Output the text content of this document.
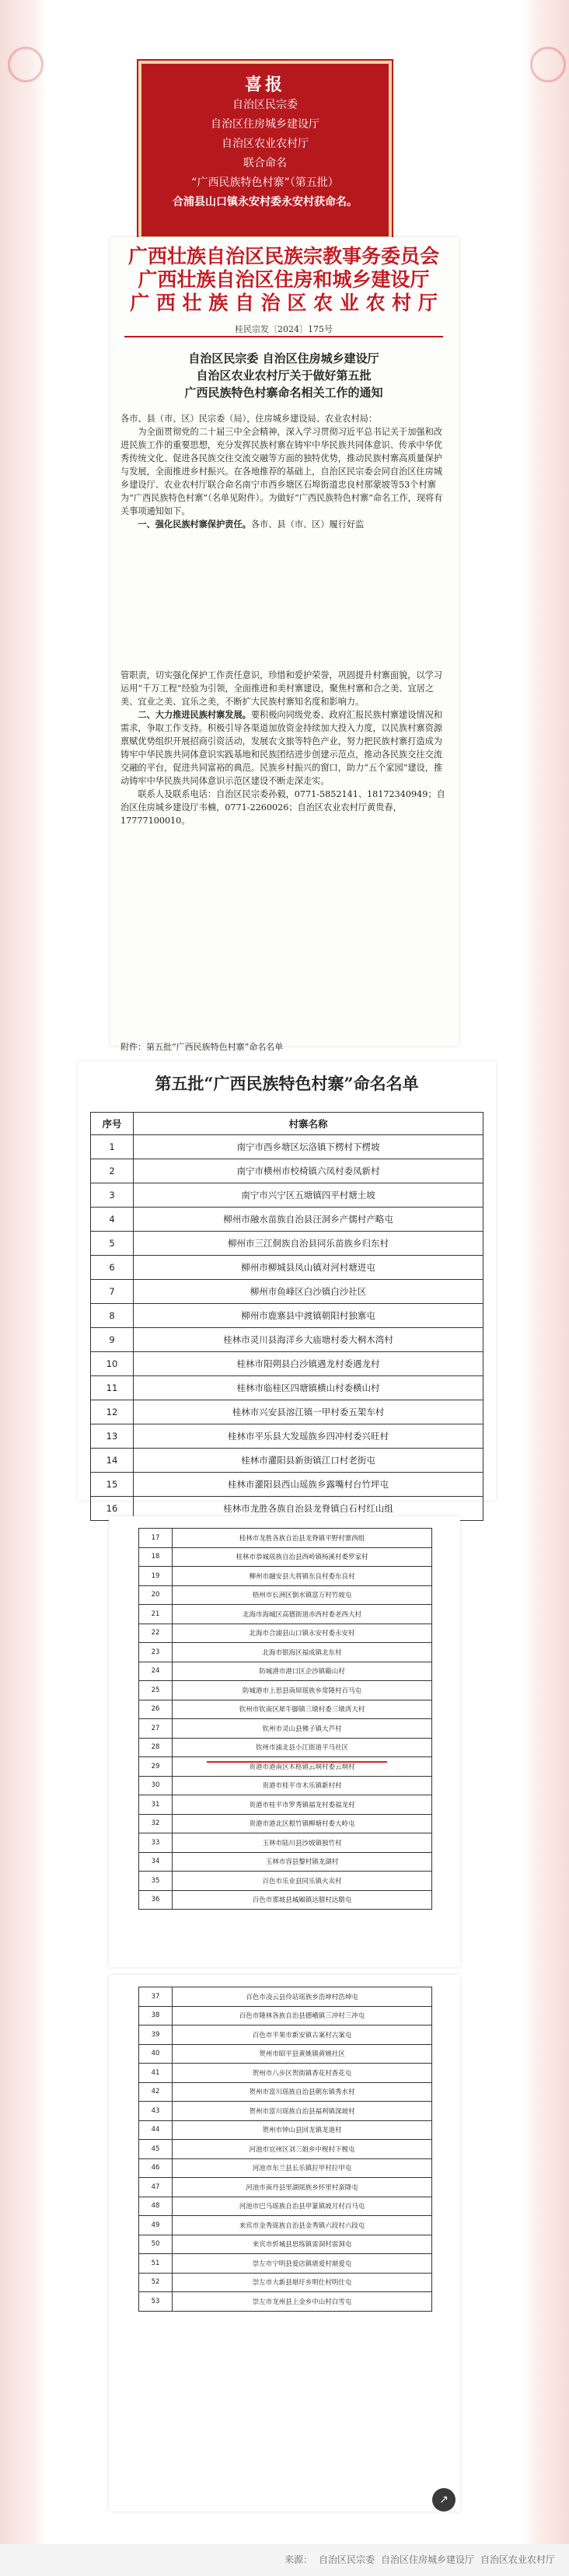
喜报
自治区民宗委
自治区住房城乡建设厅
自治区农业农村厅
联合命名
“广西民族特色村寨”（第五批）
合浦县山口镇永安村委永安村获命名。
广西壮族自治区民族宗教事务委员会
广西壮族自治区住房和城乡建设厅
广 西 壮 族 自 治 区 农 业 农 村 厅
桂民宗发〔2024〕175号
自治区民宗委 自治区住房城乡建设厅
自治区农业农村厅关于做好第五批
广西民族特色村寨命名相关工作的通知

各市、县（市、区）民宗委（局），住房城乡建设局、农业农村局：

为全面贯彻党的二十届三中全会精神，深入学习贯彻习近平总书记关于加强和改进民族工作的重要思想，充分发挥民族村寨在铸牢中华民族共同体意识、传承中华优秀传统文化、促进各民族交往交流交融等方面的独特优势，推动民族村寨高质量保护与发展，全面推进乡村振兴。在各地推荐的基础上，自治区民宗委会同自治区住房城乡建设厅、农业农村厅联合命名南宁市西乡塘区石埠街道忠良村那蒙坡等53个村寨为“广西民族特色村寨”（名单见附件）。为做好“广西民族特色村寨”命名工作，现将有关事项通知如下。

一、强化民族村寨保护责任。各市、县（市、区）履行好监

管职责，切实强化保护工作责任意识，珍惜和爱护荣誉，巩固提升村寨面貌，以学习运用“千万工程”经验为引领，全面推进和美村寨建设，聚焦村寨和合之美、宜居之美、宜业之美、宜乐之美，不断扩大民族村寨知名度和影响力。

二、大力推进民族村寨发展。要积极向同级党委、政府汇报民族村寨建设情况和需求，争取工作支持。积极引导各渠道加放资金持续加大投入力度，以民族村寨资源禀赋优势组织开展招商引资活动，发展农文旅等特色产业，努力把民族村寨打造成为铸牢中华民族共同体意识实践基地和民族团结进步创建示范点，推动各民族交往交流交融的平台，促进共同富裕的典范。民族乡村振兴的窗口，助力“五个家园”建设，推动铸牢中华民族共同体意识示范区建设不断走深走实。

联系人及联系电话：自治区民宗委孙毅，0771-5852141、18172340949；自治区住房城乡建设厅韦楠，0771-2260026；自治区农业农村厅黄贵春，17777100010。

附件：第五批“广西民族特色村寨”命名名单
第五批“广西民族特色村寨”命名名单
序号	村寨名称
1	南宁市西乡塘区坛洛镇下楞村下楞坡
2	南宁市横州市校椅镇六凤村委凤新村
3	南宁市兴宁区五塘镇四平村塘土坡
4	柳州市融水苗族自治县汪洞乡产儒村产略屯
5	柳州市三江侗族自治县同乐苗族乡归东村
6	柳州市柳城县凤山镇对河村塘进屯
7	柳州市鱼峰区白沙镇白沙社区
8	柳州市鹿寨县中渡镇朝阳村独寨屯
9	桂林市灵川县海洋乡大庙塘村委大桐木湾村
10	桂林市阳朔县白沙镇遇龙村委遇龙村
11	桂林市临桂区四塘镇横山村委横山村
12	桂林市兴安县溶江镇一甲村委五架车村
13	桂林市平乐县大发瑶族乡四冲村委兴旺村
14	桂林市灌阳县新街镇江口村老街屯
15	桂林市灌阳县西山瑶族乡露嘴村台竹坪屯
16	桂林市龙胜各族自治县龙脊镇白石村红山组
17	桂林市龙胜各族自治县龙脊镇平野村寨西组
18	桂林市恭城瑶族自治县西岭镇杨溪村委罗家村
19	柳州市融安县大将镇东良村委东良村
20	梧州市长洲区倒水镇富万村竹坡屯
21	北海市海城区高德街道赤西村委老西大村
22	北海市合浦县山口镇永安村委永安村
23	北海市银海区福成镇北东村
24	防城港市港口区企沙镇簕山村
25	防城港市上思县南屏瑶族乡常隆村百马屯
26	钦州市钦南区犀牛脚镇三墩村委三墩湾大村
27	钦州市灵山县佛子镇大芦村
28	钦州市浦北县小江街道平马社区
29	贵港市港南区木格镇云垌村委云垌村
30	贵港市桂平市木乐镇新村村
31	贵港市桂平市罗秀镇福龙村委福龙村
32	贵港市港北区根竹镇柳塘村委大岭屯
33	玉林市陆川县沙坡镇独竹村
34	玉林市容县黎村镇龙湖村
35	百色市乐业县同乐镇火卖村
36	百色市那坡县城厢镇达腊村达腊屯
37	百色市凌云县伶站瑶族乡浩坤村浩坤屯
38	百色市隆林各族自治县德峨镇三冲村三冲屯
39	百色市平果市新安镇古案村古案屯
40	贺州市昭平县黄姚镇黄姚社区
41	贺州市八步区贺街镇香花村香花屯
42	贺州市富川瑶族自治县朝东镇秀水村
43	贺州市富川瑶族自治县福利镇深坡村
44	贺州市钟山县回龙镇龙道村
45	河池市宜州区刘三姐乡中枧村下枧屯
46	河池市东兰县长乐镇拉甲村拉甲屯
47	河池市南丹县里湖瑶族乡怀里村蛮降屯
48	河池市巴马瑶族自治县甲篆镇坡月村百马屯
49	来宾市金秀瑶族自治县金秀镇六段村六段屯
50	来宾市忻城县思练镇雷洞村雷洞屯
51	崇左市宁明县爱店镇堪爱村堪爱屯
52	崇左市大新县堪圩乡明仕村明仕屯
53	崇左市龙州县上金乡中山村白雪屯
↗
来源： 自治区民宗委 自治区住房城乡建设厅 自治区农业农村厅
